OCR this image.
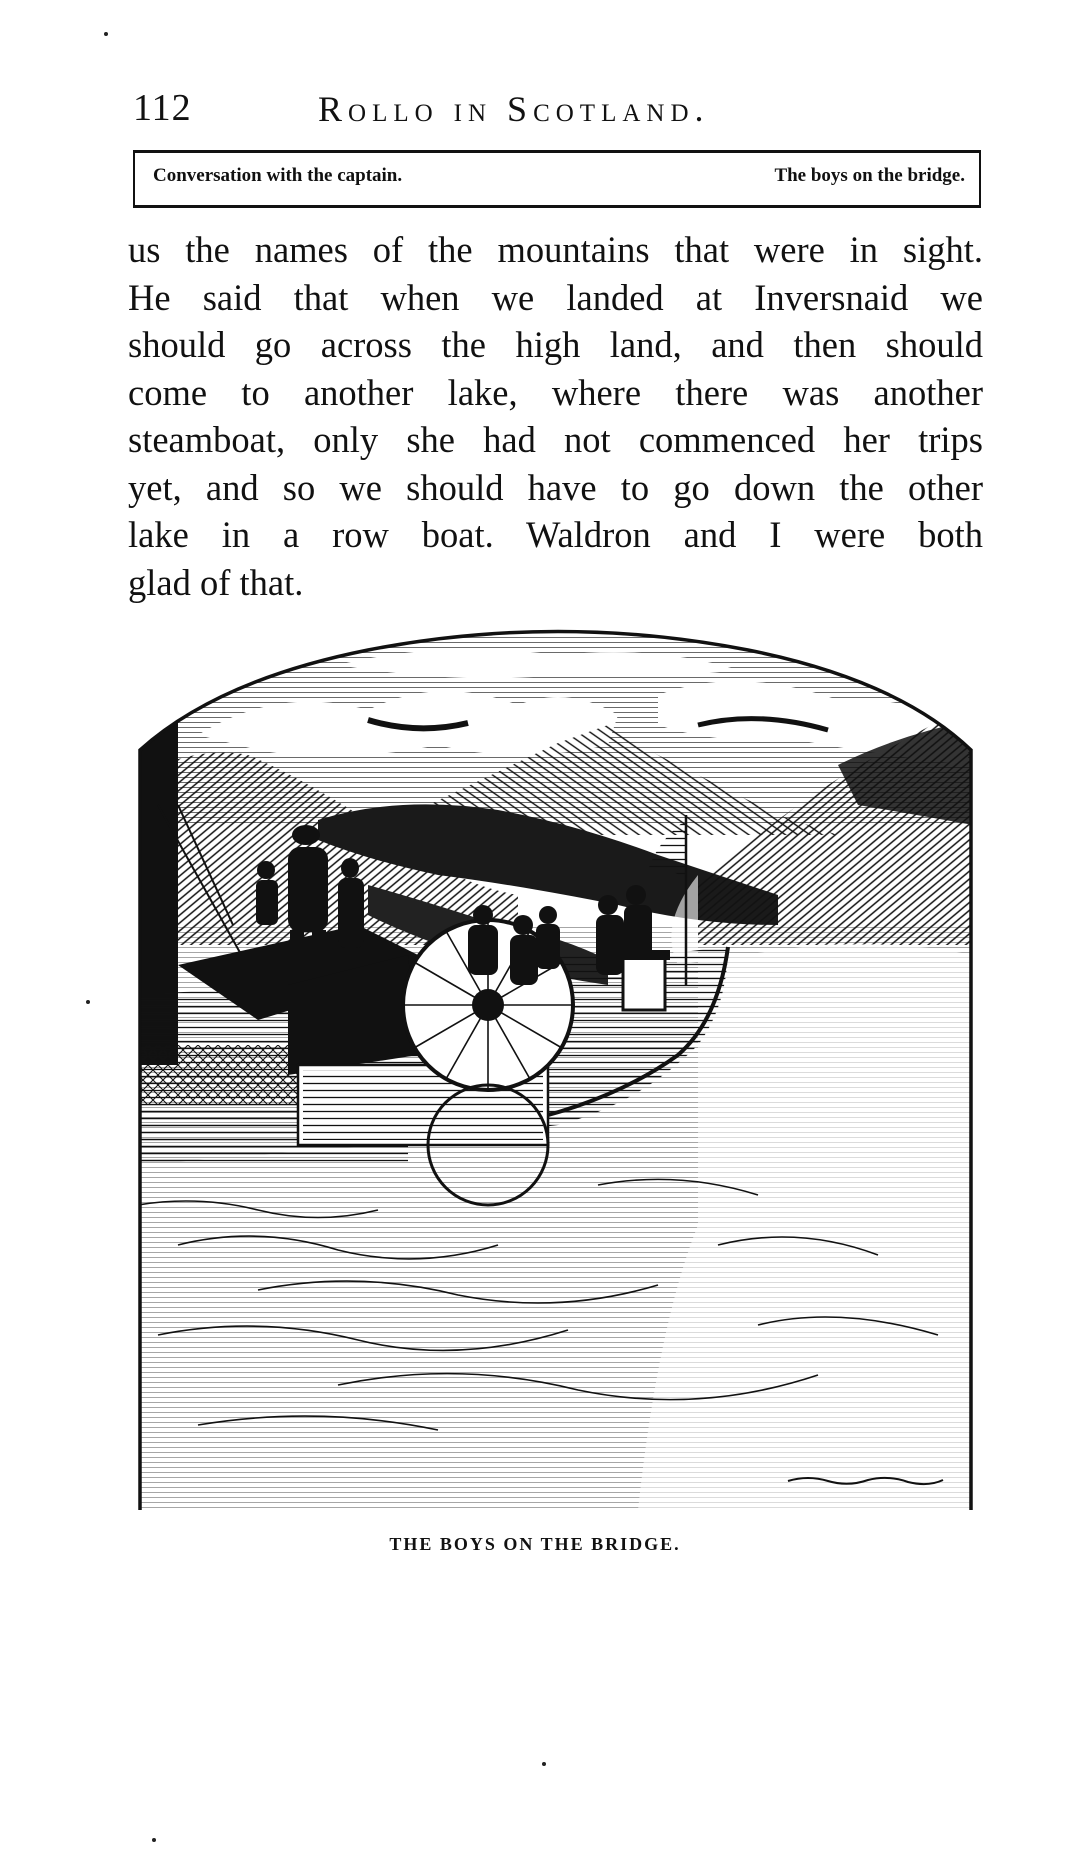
112	Rollo in Scotland.
Conversation with the captain.	The boys on the bridge.
us the names of the mountains that were in sight.
He said that when we landed at Inversnaid we
should go across the high land, and then should
come to another lake, where there was another
steamboat, only she had not commenced her trips
yet, and so we should have to go down the other
lake in a row boat. Waldron and I were both
glad of that.
THE BOYS ON THE BRIDGE.
